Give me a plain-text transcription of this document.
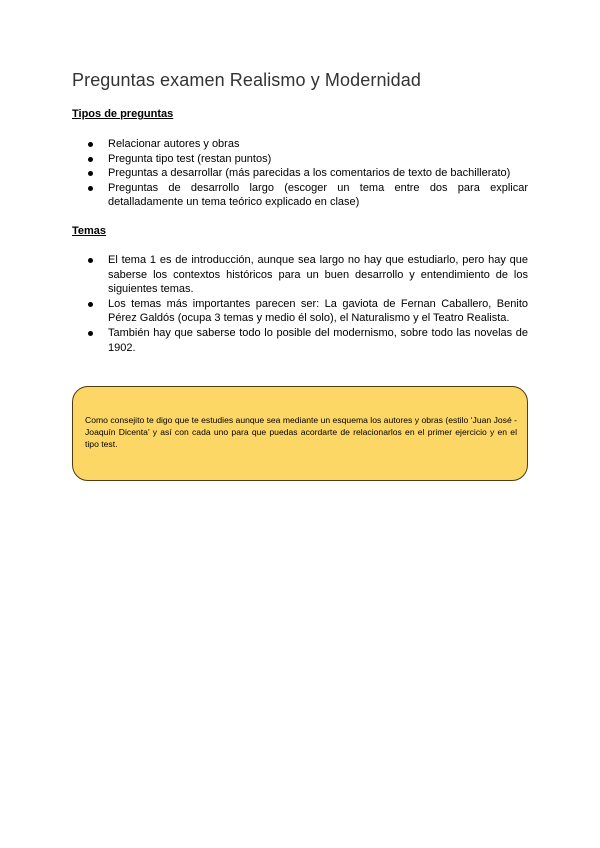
Preguntas examen Realismo y Modernidad
Tipos de preguntas
Relacionar autores y obras
Pregunta tipo test (restan puntos)
Preguntas a desarrollar (más parecidas a los comentarios de texto de bachillerato)
Preguntas de desarrollo largo (escoger un tema entre dos para explicar detalladamente un tema teórico explicado en clase)
Temas
El tema 1 es de introducción, aunque sea largo no hay que estudiarlo, pero hay que saberse los contextos históricos para un buen desarrollo y entendimiento de los siguientes temas.
Los temas más importantes parecen ser: La gaviota de Fernan Caballero, Benito Pérez Galdós (ocupa 3 temas y medio él solo), el Naturalismo y el Teatro Realista.
También hay que saberse todo lo posible del modernismo, sobre todo las novelas de 1902.
Como consejito te digo que te estudies aunque sea mediante un esquema los autores y obras (estilo ‘Juan José - Joaquín Dicenta’ y así con cada uno para que puedas acordarte de relacionarlos en el primer ejercicio y en el tipo test.
